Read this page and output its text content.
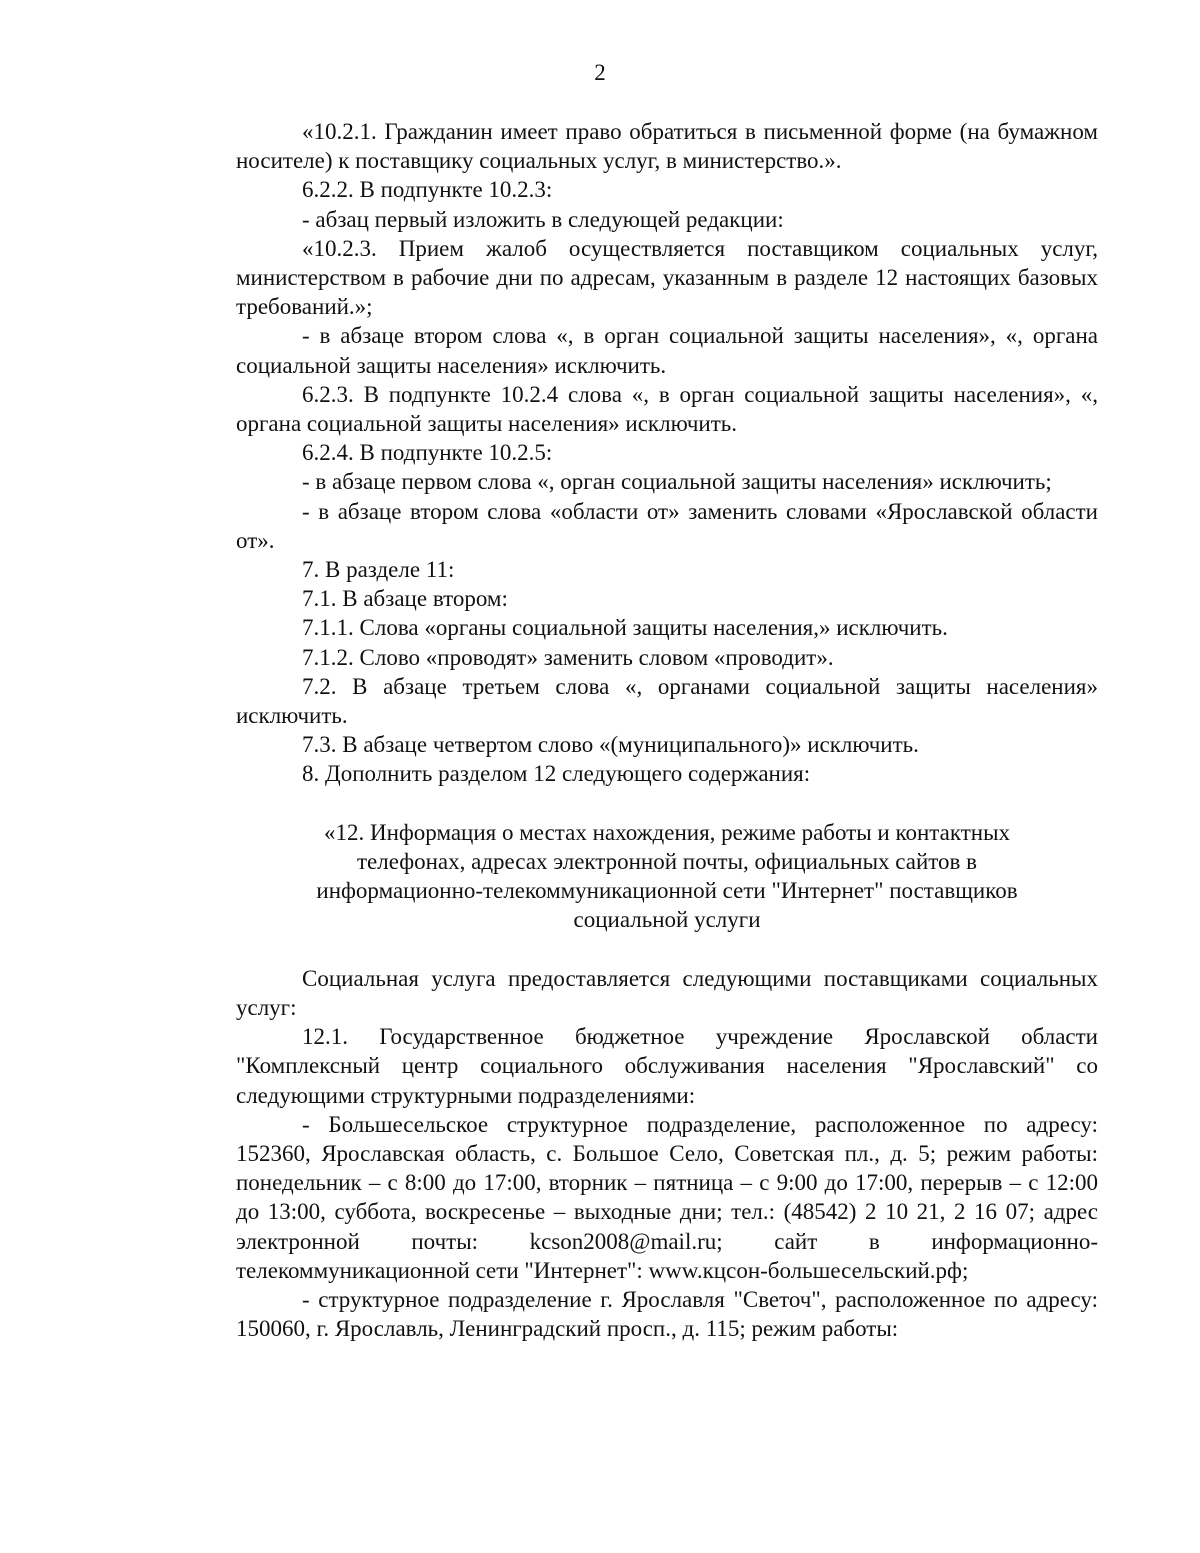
2

«10.2.1. Гражданин имеет право обратиться в письменной форме (на бумажном носителе) к поставщику социальных услуг, в министерство.».

6.2.2. В подпункте 10.2.3:

- абзац первый изложить в следующей редакции:

«10.2.3. Прием жалоб осуществляется поставщиком социальных услуг, министерством в рабочие дни по адресам, указанным в разделе 12 настоящих базовых требований.»;

- в абзаце втором слова «, в орган социальной защиты населения», «, органа социальной защиты населения» исключить.

6.2.3. В подпункте 10.2.4 слова «, в орган социальной защиты населения», «, органа социальной защиты населения» исключить.

6.2.4. В подпункте 10.2.5:

- в абзаце первом слова «, орган социальной защиты населения» исключить;

- в абзаце втором слова «области от» заменить словами «Ярославской области от».

7. В разделе 11:

7.1. В абзаце втором:

7.1.1. Слова «органы социальной защиты населения,» исключить.

7.1.2. Слово «проводят» заменить словом «проводит».

7.2. В абзаце третьем слова «, органами социальной защиты населения» исключить.

7.3. В абзаце четвертом слово «(муниципального)» исключить.

8. Дополнить разделом 12 следующего содержания:

«12. Информация о местах нахождения, режиме работы и контактных телефонах, адресах электронной почты, официальных сайтов в информационно-телекоммуникационной сети "Интернет" поставщиков социальной услуги

Социальная услуга предоставляется следующими поставщиками социальных услуг:

12.1. Государственное бюджетное учреждение Ярославской области "Комплексный центр социального обслуживания населения "Ярославский" со следующими структурными подразделениями:

- Большесельское структурное подразделение, расположенное по адресу: 152360, Ярославская область, с. Большое Село, Советская пл., д. 5; режим работы: понедельник – с 8:00 до 17:00, вторник – пятница – с 9:00 до 17:00, перерыв – с 12:00 до 13:00, суббота, воскресенье – выходные дни; тел.: (48542) 2 10 21, 2 16 07; адрес электронной почты: kcson2008@mail.ru; сайт в информационно-телекоммуникационной сети "Интернет": www.кцсон-большесельский.рф;

- структурное подразделение г. Ярославля "Светоч", расположенное по адресу: 150060, г. Ярославль, Ленинградский просп., д. 115; режим работы:
